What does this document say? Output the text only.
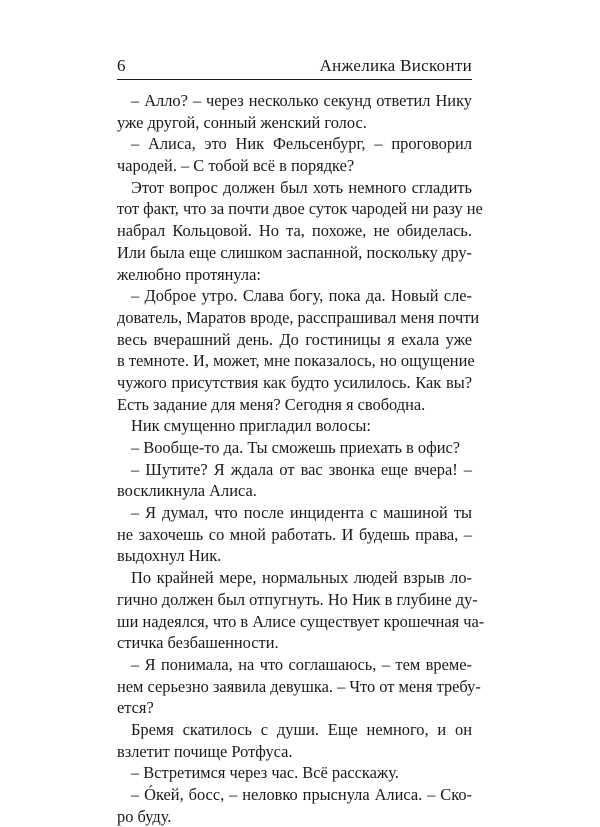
6	Анжелика Висконти
– Алло? – через несколько секунд ответил Нику
уже другой, сонный женский голос.
– Алиса, это Ник Фельсенбург, – проговорил
чародей. – С тобой всё в порядке?
Этот вопрос должен был хоть немного сгладить
тот факт, что за почти двое суток чародей ни разу не
набрал Кольцовой. Но та, похоже, не обиделась.
Или была еще слишком заспанной, поскольку дру-
желюбно протянула:
– Доброе утро. Слава богу, пока да. Новый сле-
дователь, Маратов вроде, расспрашивал меня почти
весь вчерашний день. До гостиницы я ехала уже
в темноте. И, может, мне показалось, но ощущение
чужого присутствия как будто усилилось. Как вы?
Есть задание для меня? Сегодня я свободна.
Ник смущенно пригладил волосы:
– Вообще-то да. Ты сможешь приехать в офис?
– Шутите? Я ждала от вас звонка еще вчера! –
воскликнула Алиса.
– Я думал, что после инцидента с машиной ты
не захочешь со мной работать. И будешь права, –
выдохнул Ник.
По крайней мере, нормальных людей взрыв ло-
гично должен был отпугнуть. Но Ник в глубине ду-
ши надеялся, что в Алисе существует крошечная ча-
стичка безбашенности.
– Я понимала, на что соглашаюсь, – тем време-
нем серьезно заявила девушка. – Что от меня требу-
ется?
Бремя скатилось с души. Еще немного, и он
взлетит почище Ротфуса.
– Встретимся через час. Всё расскажу.
– Óкей, босс, – неловко прыснула Алиса. – Ско-
ро буду.
